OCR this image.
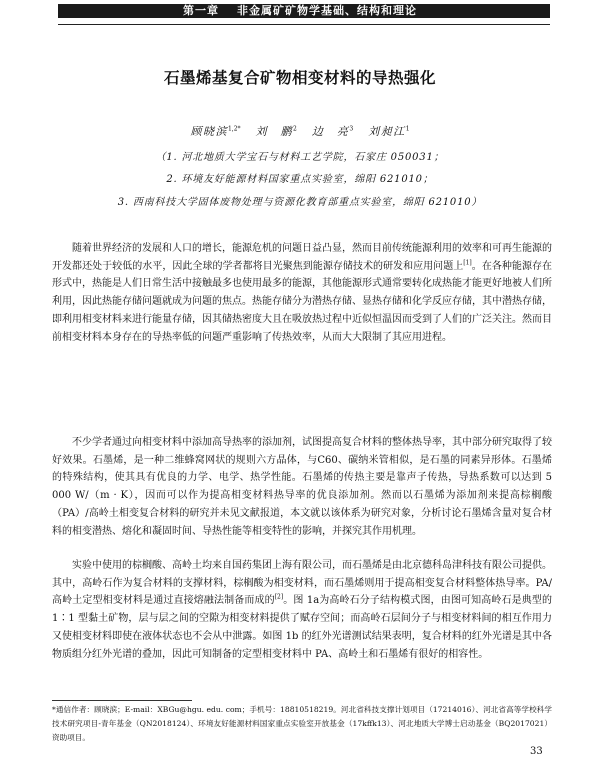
第一章 非金属矿矿物学基础、结构和理论
石墨烯基复合矿物相变材料的导热强化
顾晓滨$^{1,2*}$ 刘　鹏$^2$ 边　亮$^3$ 刘昶江$^1$
（1. 河北地质大学宝石与材料工艺学院，石家庄 050031；
2. 环境友好能源材料国家重点实验室，绵阳 621010；
3. 西南科技大学固体废物处理与资源化教育部重点实验室，绵阳 621010）

随着世界经济的发展和人口的增长，能源危机的问题日益凸显，然而目前传统能源利用的效率和可再生能源的开发都还处于较低的水平，因此全球的学者都将目光聚焦到能源存储技术的研发和应用问题上[1]。在各种能源存在形式中，热能是人们日常生活中接触最多也使用最多的能源，其他能源形式通常要转化成热能才能更好地被人们所利用，因此热能存储问题就成为问题的焦点。热能存储分为潜热存储、显热存储和化学反应存储，其中潜热存储，即利用相变材料来进行能量存储，因其储热密度大且在吸放热过程中近似恒温因而受到了人们的广泛关注。然而目前相变材料本身存在的导热率低的问题严重影响了传热效率，从而大大限制了其应用进程。

不少学者通过向相变材料中添加高导热率的添加剂，试图提高复合材料的整体热导率，其中部分研究取得了较好效果。石墨烯，是一种二维蜂窝网状的规则六方晶体，与C60、碳纳米管相似，是石墨的同素异形体。石墨烯的特殊结构，使其具有优良的力学、电学、热学性能。石墨烯的传热主要是靠声子传热，导热系数可以达到 5 000 W/（m · K），因而可以作为提高相变材料热导率的优良添加剂。然而以石墨烯为添加剂来提高棕榈酸（PA）/高岭土相变复合材料的研究并未见文献报道，本文就以该体系为研究对象，分析讨论石墨烯含量对复合材料的相变潜热、熔化和凝固时间、导热性能等相变特性的影响，并探究其作用机理。

实验中使用的棕榈酸、高岭土均来自国药集团上海有限公司，而石墨烯是由北京德科岛津科技有限公司提供。其中，高岭石作为复合材料的支撑材料，棕榈酸为相变材料，而石墨烯则用于提高相变复合材料整体热导率。PA/高岭土定型相变材料是通过直接熔融法制备而成的[2]。图 1a为高岭石分子结构模式图，由图可知高岭石是典型的 1∶1 型黏土矿物，层与层之间的空隙为相变材料提供了赋存空间；而高岭石层间分子与相变材料间的相互作用力又使相变材料即使在液体状态也不会从中泄露。如图 1b 的红外光谱测试结果表明，复合材料的红外光谱是其中各物质组分红外光谱的叠加，因此可知制备的定型相变材料中 PA、高岭土和石墨烯有很好的相容性。

*通信作者：顾晓滨；E-mail：XBGu@hgu. edu. com；手机号：18810518219。河北省科技支撑计划项目（17214016）、河北省高等学校科学技术研究项目-青年基金（QN2018124）、环境友好能源材料国家重点实验室开放基金（17kffk13）、河北地质大学博士启动基金（BQ2017021）资助项目。
33
